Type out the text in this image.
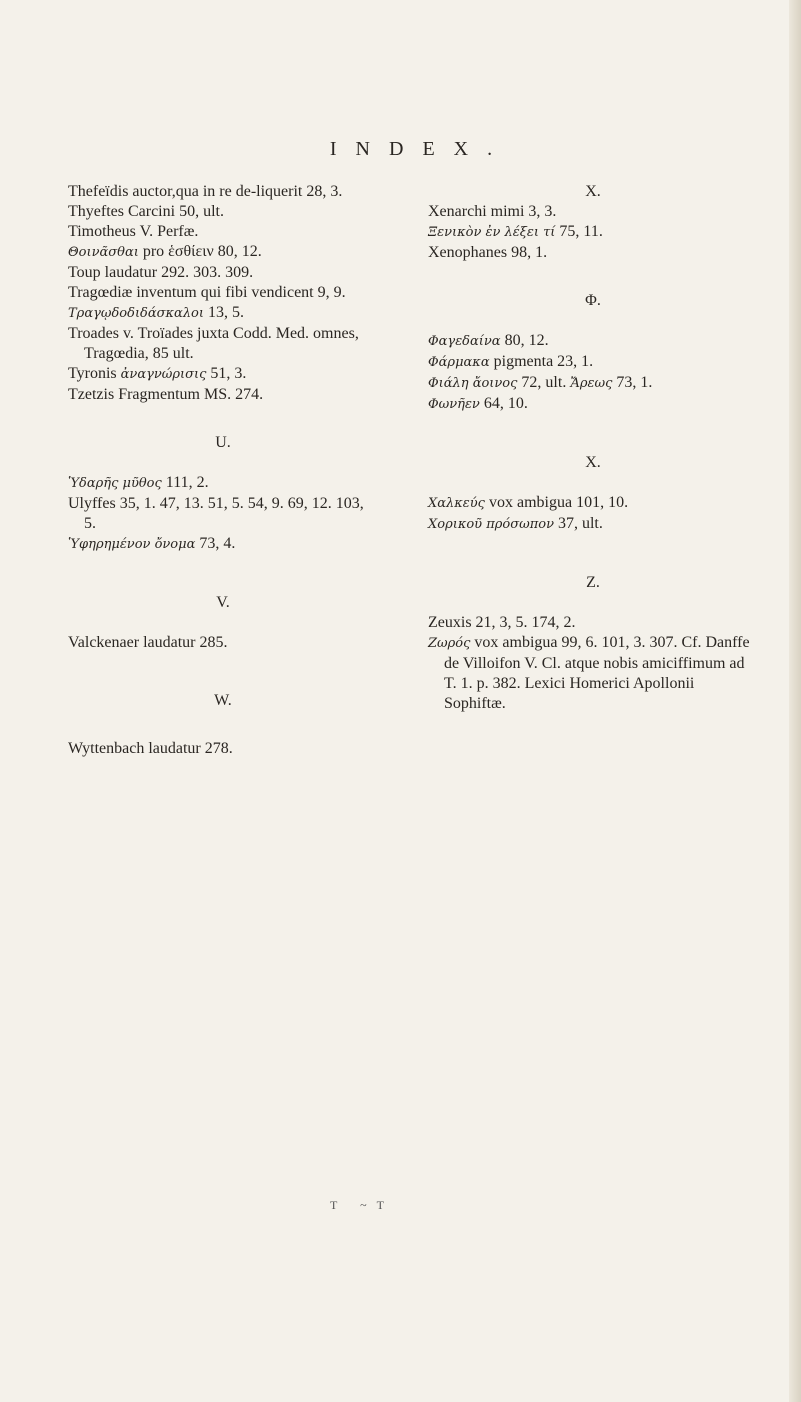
INDEX.
Thefeïdis auctor,qua in re de-liquerit 28, 3.
Thyeftes Carcini 50, ult.
Timotheus V. Perfæ.
Θοινᾶσθαι pro ἑσθίειν 80, 12.
Toup laudatur 292. 303. 309.
Tragœdiæ inventum qui fibi vendicent 9, 9.
Τραγῳδοδιδάσκαλοι 13, 5.
Troades v. Troïades juxta Codd. Med. omnes, Tragœdia, 85 ult.
Tyronis ἀναγνώρισις 51, 3.
Tzetzis Fragmentum MS. 274.
U.
Ὑδαρῆς μῦθος 111, 2.
Ulyffes 35, 1. 47, 13. 51, 5. 54, 9. 69, 12. 103, 5.
Ὑφηρημένον ὄνομα 73, 4.
V.
Valckenaer laudatur 285.
W.
Wyttenbach laudatur 278.
X.
Xenarchi mimi 3, 3.
Ξενικὸν ἐν λέξει τί 75, 11.
Xenophanes 98, 1.
Φ.
Φαγεδαίνα 80, 12.
Φάρμακα pigmenta 23, 1.
Φιάλη ἄοινος 72, ult. Ἄρεως 73, 1.
Φωνῆεν 64, 10.
X.
Χαλκεύς vox ambigua 101, 10.
Χορικοῦ πρόσωπον 37, ult.
Z.
Zeuxis 21, 3, 5. 174, 2.
Ζωρός vox ambigua 99, 6. 101, 3. 307. Cf. Danffe de Villoifon V. Cl. atque nobis amiciffimum ad T. 1. p. 382. Lexici Homerici Apollonii Sophiftæ.
T ~T
